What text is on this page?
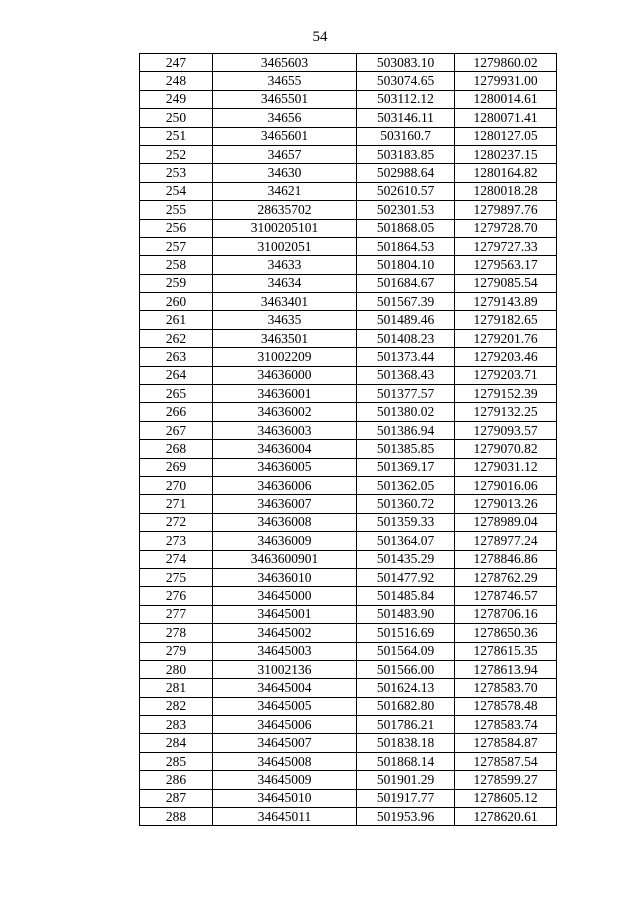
54
247	3465603	503083.10	1279860.02
248	34655	503074.65	1279931.00
249	3465501	503112.12	1280014.61
250	34656	503146.11	1280071.41
251	3465601	503160.7	1280127.05
252	34657	503183.85	1280237.15
253	34630	502988.64	1280164.82
254	34621	502610.57	1280018.28
255	28635702	502301.53	1279897.76
256	3100205101	501868.05	1279728.70
257	31002051	501864.53	1279727.33
258	34633	501804.10	1279563.17
259	34634	501684.67	1279085.54
260	3463401	501567.39	1279143.89
261	34635	501489.46	1279182.65
262	3463501	501408.23	1279201.76
263	31002209	501373.44	1279203.46
264	34636000	501368.43	1279203.71
265	34636001	501377.57	1279152.39
266	34636002	501380.02	1279132.25
267	34636003	501386.94	1279093.57
268	34636004	501385.85	1279070.82
269	34636005	501369.17	1279031.12
270	34636006	501362.05	1279016.06
271	34636007	501360.72	1279013.26
272	34636008	501359.33	1278989.04
273	34636009	501364.07	1278977.24
274	3463600901	501435.29	1278846.86
275	34636010	501477.92	1278762.29
276	34645000	501485.84	1278746.57
277	34645001	501483.90	1278706.16
278	34645002	501516.69	1278650.36
279	34645003	501564.09	1278615.35
280	31002136	501566.00	1278613.94
281	34645004	501624.13	1278583.70
282	34645005	501682.80	1278578.48
283	34645006	501786.21	1278583.74
284	34645007	501838.18	1278584.87
285	34645008	501868.14	1278587.54
286	34645009	501901.29	1278599.27
287	34645010	501917.77	1278605.12
288	34645011	501953.96	1278620.61
